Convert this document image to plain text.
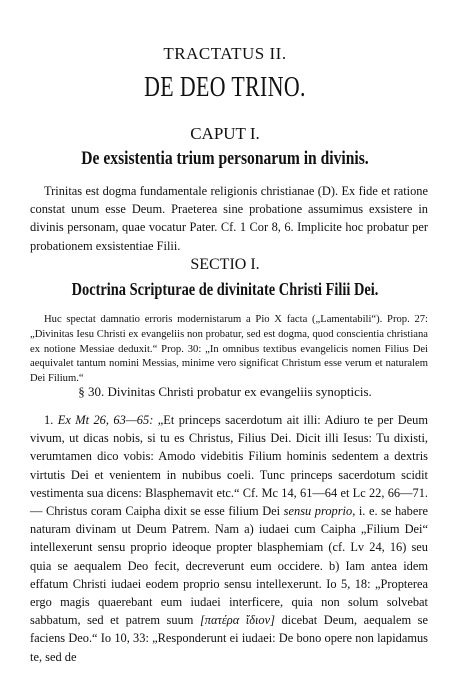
TRACTATUS II.
DE DEO TRINO.
CAPUT I.
De exsistentia trium personarum in divinis.

Trinitas est dogma fundamentale religionis christianae (D). Ex fide et ratione constat unum esse Deum. Praeterea sine probatione assumimus exsistere in divinis personam, quae vocatur Pater. Cf. 1 Cor 8, 6. Implicite hoc probatur per probationem exsistentiae Filii.

SECTIO I.
Doctrina Scripturae de divinitate Christi Filii Dei.

Huc spectat damnatio erroris modernistarum a Pio X facta („Lamentabili“). Prop. 27: „Divinitas Iesu Christi ex evangeliis non probatur, sed est dogma, quod conscientia christiana ex notione Messiae deduxit.“ Prop. 30: „In omnibus textibus evangelicis nomen Filius Dei aequivalet tantum nomini Messias, minime vero significat Christum esse verum et naturalem Dei Filium.“

§ 30. Divinitas Christi probatur ex evangeliis synopticis.

1. Ex Mt 26, 63—65: „Et princeps sacerdotum ait illi: Adiuro te per Deum vivum, ut dicas nobis, si tu es Christus, Filius Dei. Dicit illi Iesus: Tu dixisti, verumtamen dico vobis: Amodo videbitis Filium hominis sedentem a dextris virtutis Dei et venientem in nubibus coeli. Tunc princeps sacerdotum scidit vestimenta sua dicens: Blasphemavit etc.“ Cf. Mc 14, 61—64 et Lc 22, 66—71. — Christus coram Caipha dixit se esse filium Dei sensu proprio, i. e. se habere naturam divinam ut Deum Patrem. Nam a) iudaei cum Caipha „Filium Dei“ intellexerunt sensu proprio ideoque propter blasphemiam (cf. Lv 24, 16) seu quia se aequalem Deo fecit, decreverunt eum occidere. b) Iam antea idem effatum Christi iudaei eodem proprio sensu intellexerunt. Io 5, 18: „Propterea ergo magis quaerebant eum iudaei interficere, quia non solum solvebat sabbatum, sed et patrem suum [πατέρα ἴδιον] dicebat Deum, aequalem se faciens Deo.“ Io 10, 33: „Responderunt ei iudaei: De bono opere non lapidamus te, sed de
